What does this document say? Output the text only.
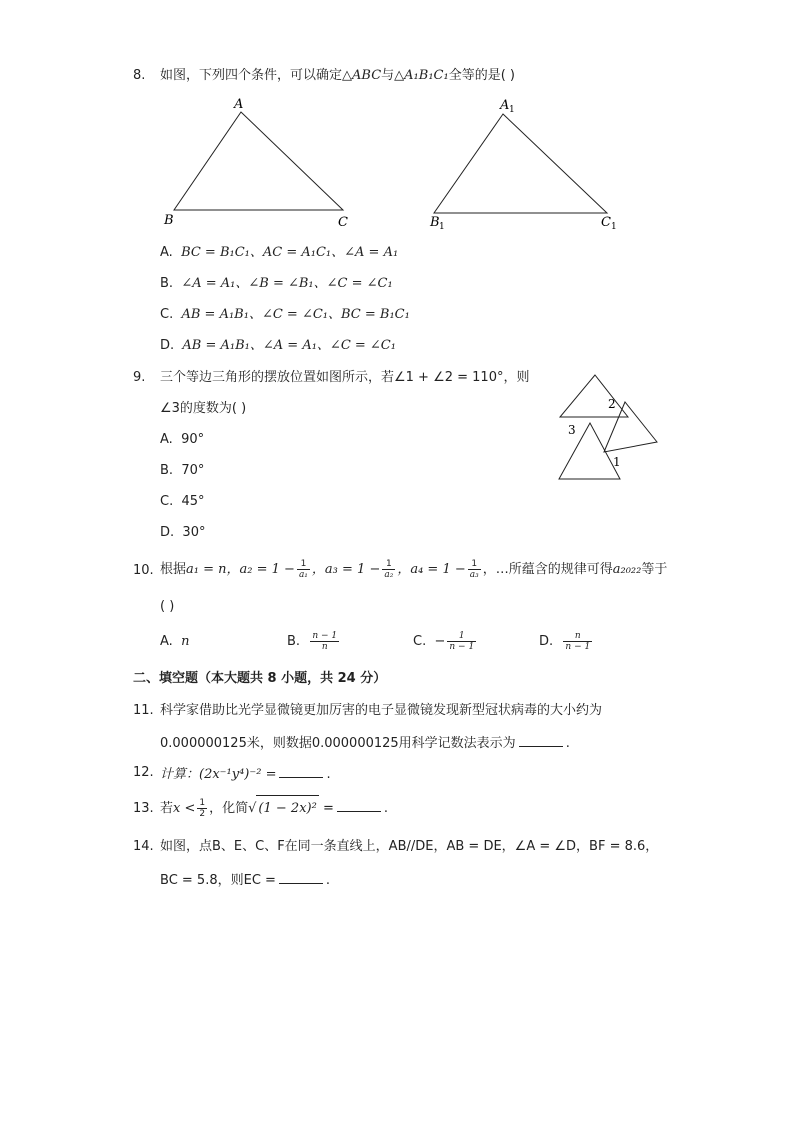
8. 如图，下列四个条件，可以确定△ABC与△A₁B₁C₁全等的是( )
A
B	C
A 1
B 1	C 1
A. BC = B₁C₁、AC = A₁C₁、∠A = A₁
B. ∠A = A₁、∠B = ∠B₁、∠C = ∠C₁
C. AB = A₁B₁、∠C = ∠C₁、BC = B₁C₁
D. AB = A₁B₁、∠A = A₁、∠C = ∠C₁
9. 三个等边三角形的摆放位置如图所示，若∠1 + ∠2 = 110°，则
∠3的度数为( )	2
3
1
A. 90°
B. 70°
C. 45°
D. 30°
10. 根据a₁ = n，$a_2 = 1 - \frac{1}{\text{a₁}}$ ，$a_3 = 1 - \frac{1}{\text{a₂}}$ ，$a_4 = 1 - \frac{1}{\text{a₃}}$ ，…所蕴含的规律可得a₂₀₂₂等于
( )
A. n	B. $\frac{n - 1}{n}$	C. − $\frac{1}{n - 1}$	D. $\frac{n}{n - 1}$
二、填空题（本大题共 8 小题，共 24 分）
11. 科学家借助比光学显微镜更加厉害的电子显微镜发现新型冠状病毒的大小约为
0.000000125米，则数据0.000000125用科学记数法表示为	.
12. 计算：(2x⁻¹y⁴)⁻² =	.
13. 若$x < \frac{1}{2}$ ，化简√ (1 − 2x)² =	.
14. 如图，点B、E、C、F在同一条直线上，AB//DE，AB = DE，∠A = ∠D，BF = 8.6，
BC = 5.8，则EC =	.
